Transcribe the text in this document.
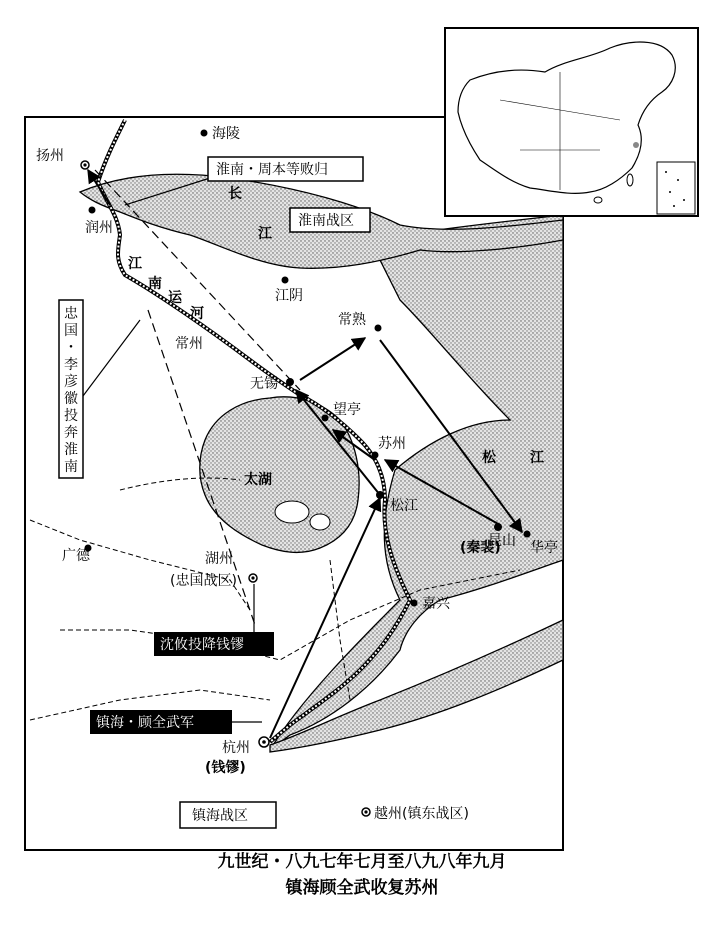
扬州
海陵
润州
江阴
常熟
常州
无锡
望亭
苏州
松江
昆山
(秦裴) 华亭
广德	湖州
(忠国战区)
嘉兴
杭州
(钱镠)
越州(镇东战区)
长
江
江
南
运
河
太湖
松 江
淮南・周本等败归
淮南战区
忠
国
・
李
彦
徽
投
奔
淮
南
沈攸投降钱镠
镇海・顾全武军
镇海战区
九世纪・八九七年七月至八九八年九月
镇海顾全武收复苏州
